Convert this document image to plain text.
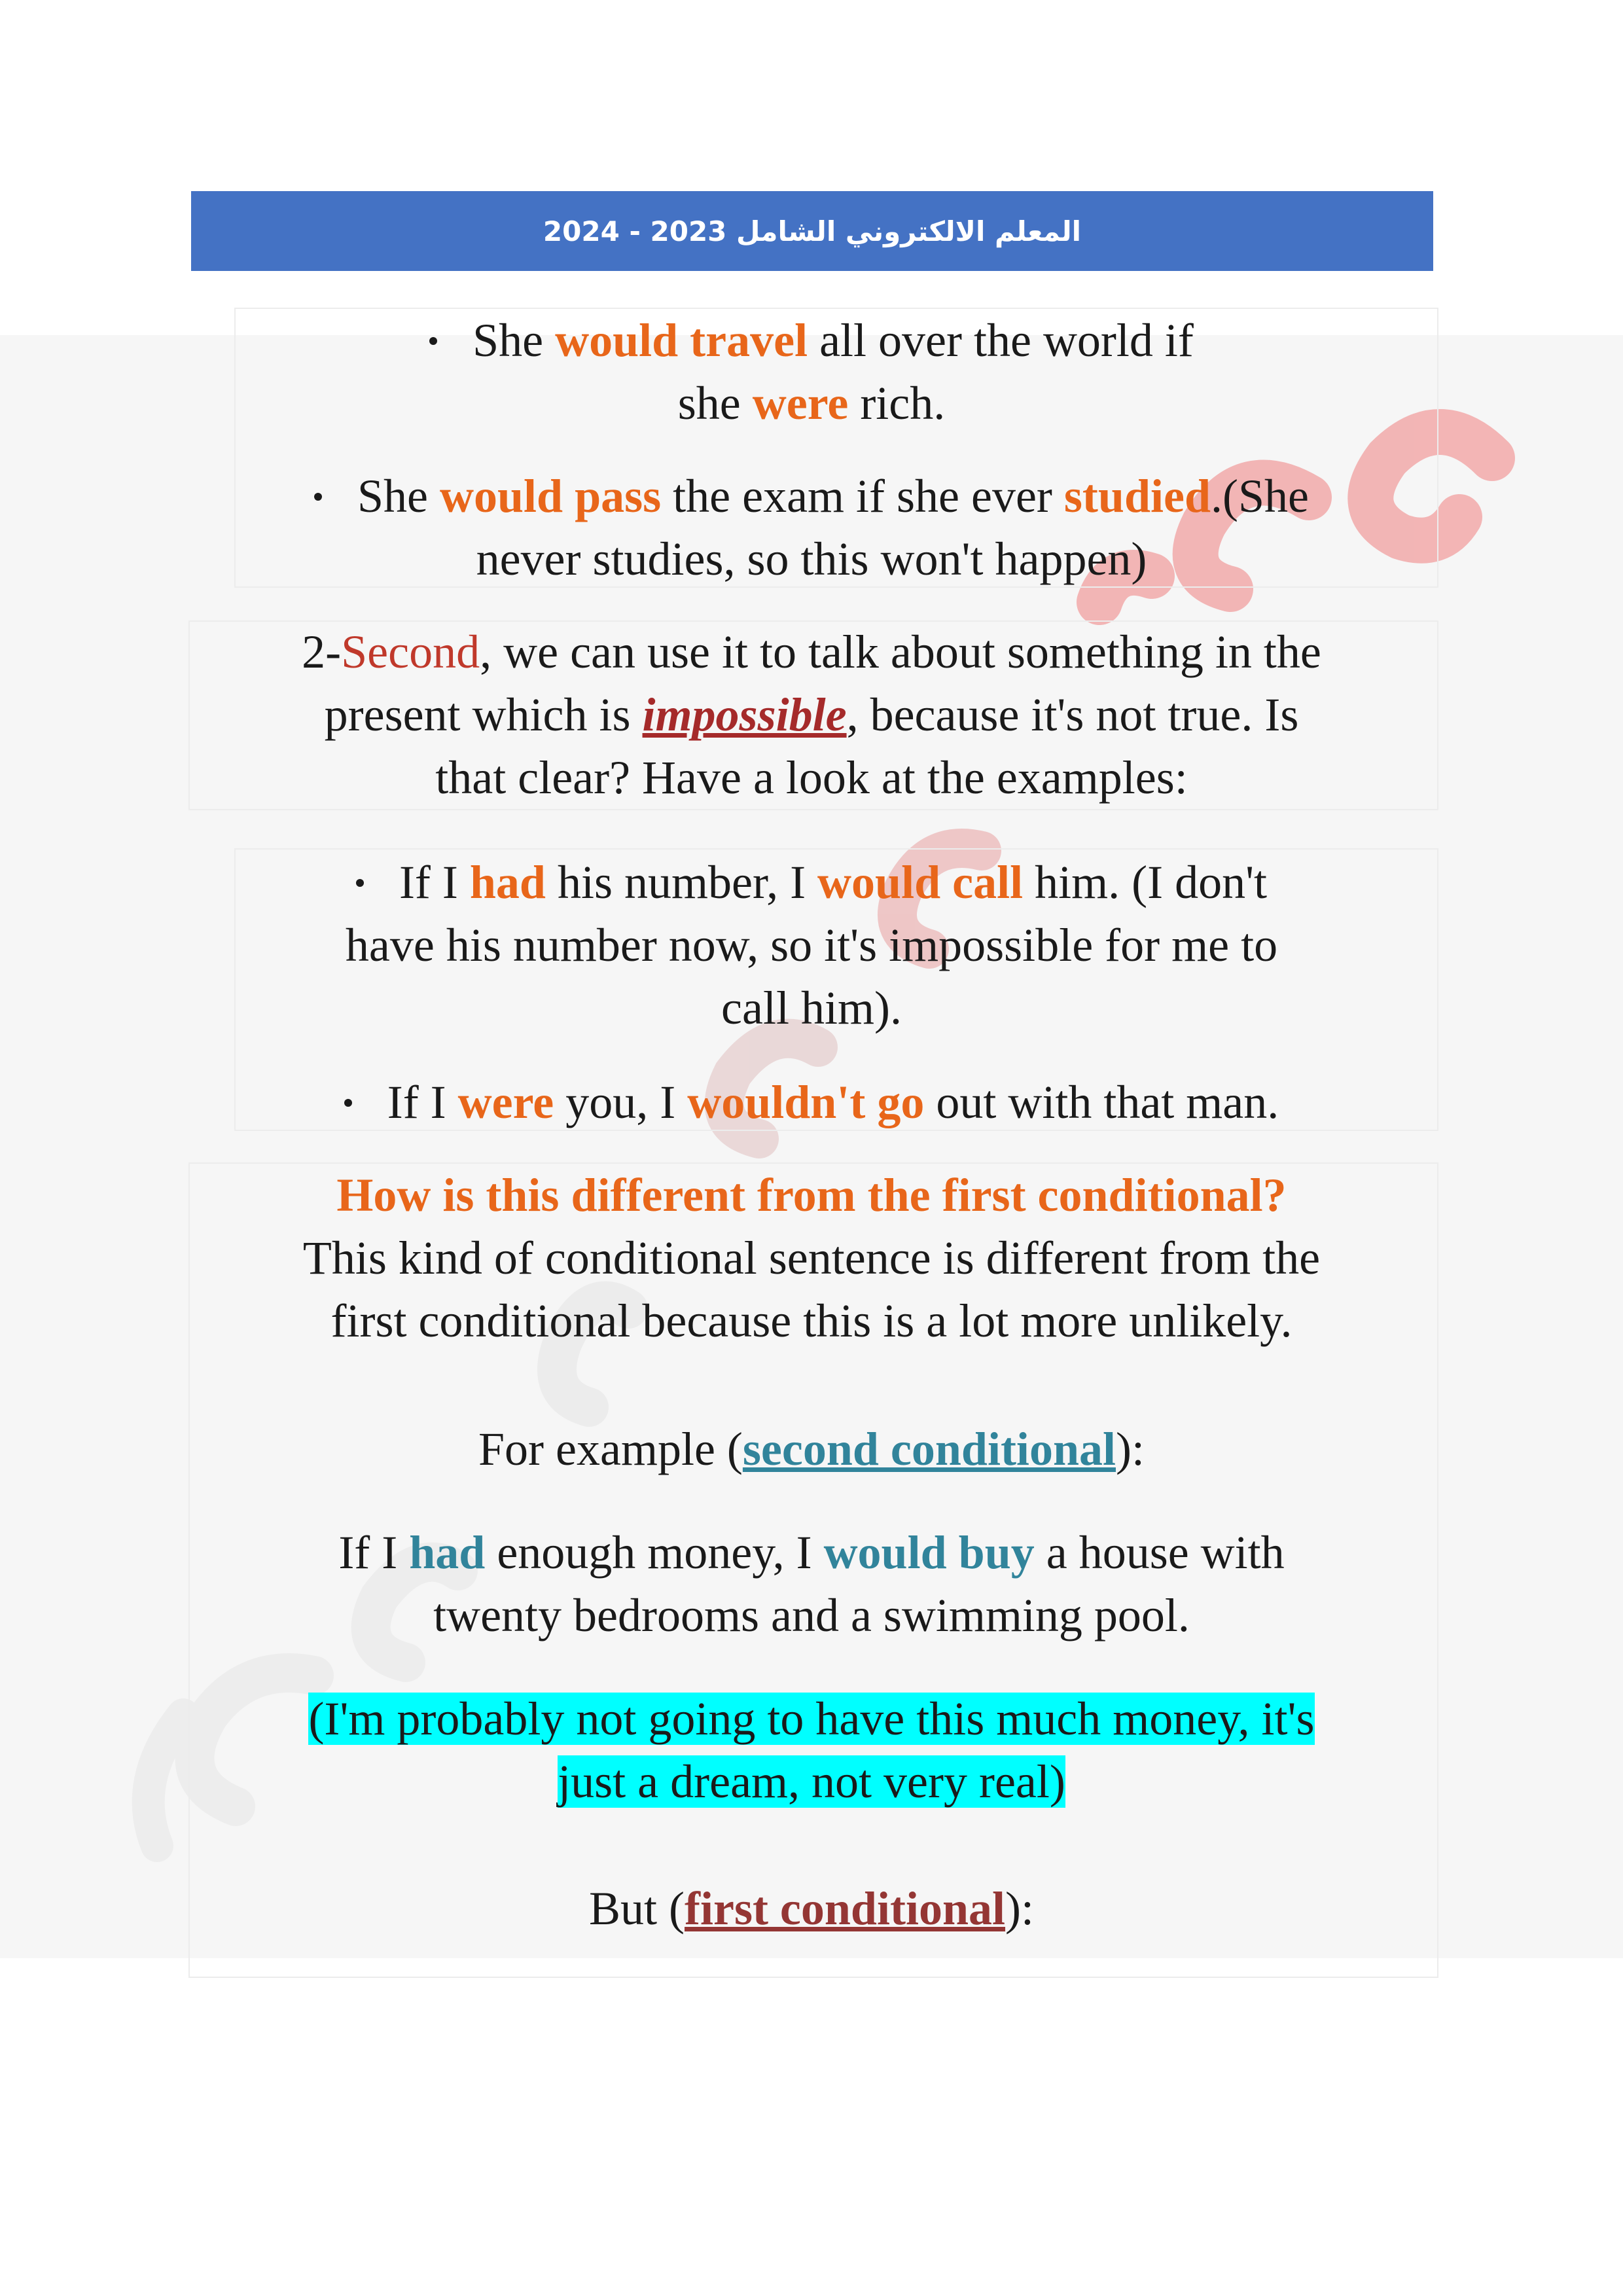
المعلم الالكتروني الشامل 2023 - 2024
She would travel all over the world if
she were rich.
She would pass the exam if she ever studied.(She
never studies, so this won't happen)
2-Second, we can use it to talk about something in the
present which is impossible, because it's not true. Is
that clear? Have a look at the examples:
If I had his number, I would call him. (I don't
have his number now, so it's impossible for me to
call him).
If I were you, I wouldn't go out with that man.
How is this different from the first conditional?
This kind of conditional sentence is different from the
first conditional because this is a lot more unlikely.
For example (second conditional):
If I had enough money, I would buy a house with
twenty bedrooms and a swimming pool.
(I'm probably not going to have this much money, it's
just a dream, not very real)
But (first conditional):
